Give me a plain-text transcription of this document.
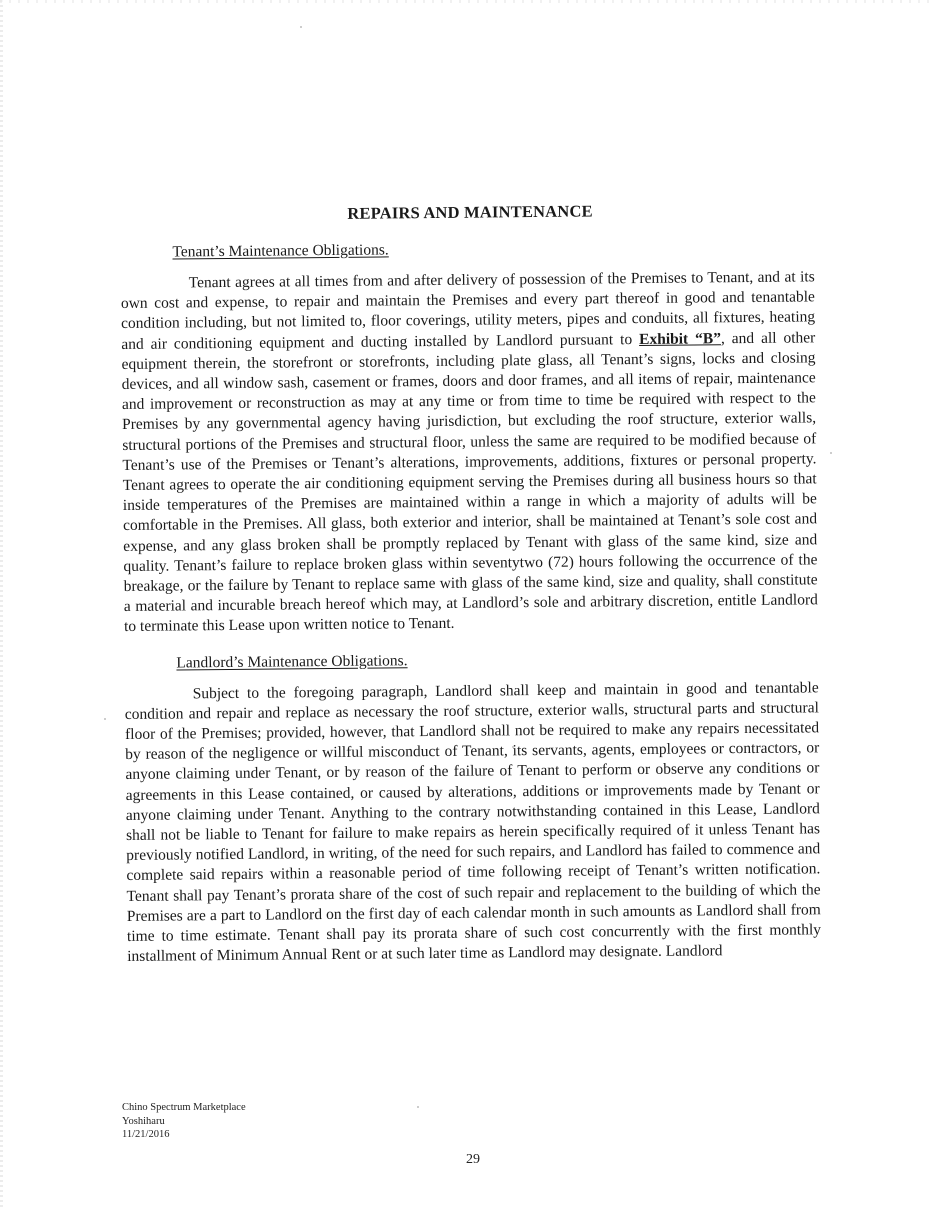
REPAIRS AND MAINTENANCE
Tenant’s Maintenance Obligations.

Tenant agrees at all times from and after delivery of possession of the Premises to Tenant, and at its own cost and expense, to repair and maintain the Premises and every part thereof in good and tenantable condition including, but not limited to, floor coverings, utility meters, pipes and conduits, all fixtures, heating and air conditioning equipment and ducting installed by Landlord pursuant to Exhibit “B”, and all other equipment therein, the storefront or storefronts, including plate glass, all Tenant’s signs, locks and closing devices, and all window sash, casement or frames, doors and door frames, and all items of repair, maintenance and improvement or reconstruction as may at any time or from time to time be required with respect to the Premises by any governmental agency having jurisdiction, but excluding the roof structure, exterior walls, structural portions of the Premises and structural floor, unless the same are required to be modified because of Tenant’s use of the Premises or Tenant’s alterations, improvements, additions, fixtures or personal property. Tenant agrees to operate the air conditioning equipment serving the Premises during all business hours so that inside temperatures of the Premises are maintained within a range in which a majority of adults will be comfortable in the Premises. All glass, both exterior and interior, shall be maintained at Tenant’s sole cost and expense, and any glass broken shall be promptly replaced by Tenant with glass of the same kind, size and quality. Tenant’s failure to replace broken glass within seventytwo (72) hours following the occurrence of the breakage, or the failure by Tenant to replace same with glass of the same kind, size and quality, shall constitute a material and incurable breach hereof which may, at Landlord’s sole and arbitrary discretion, entitle Landlord to terminate this Lease upon written notice to Tenant.

Landlord’s Maintenance Obligations.

Subject to the foregoing paragraph, Landlord shall keep and maintain in good and tenantable condition and repair and replace as necessary the roof structure, exterior walls, structural parts and structural floor of the Premises; provided, however, that Landlord shall not be required to make any repairs necessitated by reason of the negligence or willful misconduct of Tenant, its servants, agents, employees or contractors, or anyone claiming under Tenant, or by reason of the failure of Tenant to perform or observe any conditions or agreements in this Lease contained, or caused by alterations, additions or improvements made by Tenant or anyone claiming under Tenant. Anything to the contrary notwithstanding contained in this Lease, Landlord shall not be liable to Tenant for failure to make repairs as herein specifically required of it unless Tenant has previously notified Landlord, in writing, of the need for such repairs, and Landlord has failed to commence and complete said repairs within a reasonable period of time following receipt of Tenant’s written notification. Tenant shall pay Tenant’s prorata share of the cost of such repair and replacement to the building of which the Premises are a part to Landlord on the first day of each calendar month in such amounts as Landlord shall from time to time estimate. Tenant shall pay its prorata share of such cost concurrently with the first monthly installment of Minimum Annual Rent or at such later time as Landlord may designate. Landlord

Chino Spectrum Marketplace
Yoshiharu
11/21/2016
29
